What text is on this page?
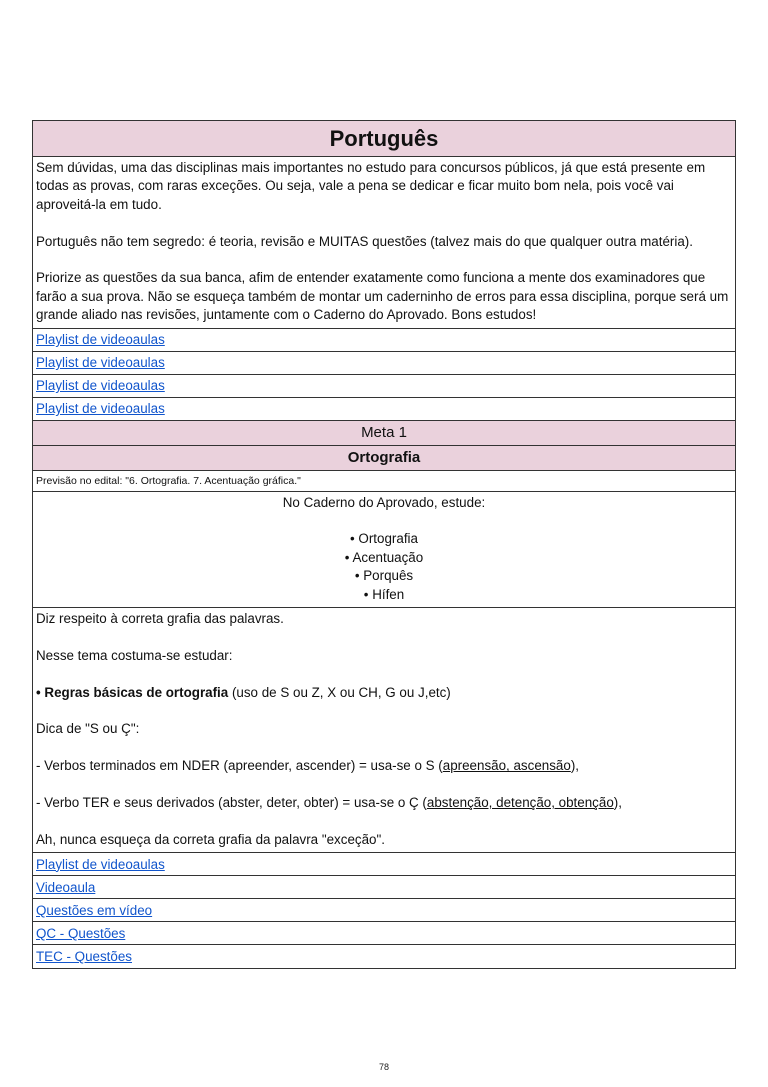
Português

Sem dúvidas, uma das disciplinas mais importantes no estudo para concursos públicos, já que está presente em todas as provas, com raras exceções. Ou seja, vale a pena se dedicar e ficar muito bom nela, pois você vai aproveitá-la em tudo.

Português não tem segredo: é teoria, revisão e MUITAS questões (talvez mais do que qualquer outra matéria).

Priorize as questões da sua banca, afim de entender exatamente como funciona a mente dos examinadores que farão a sua prova. Não se esqueça também de montar um caderninho de erros para essa disciplina, porque será um grande aliado nas revisões, juntamente com o Caderno do Aprovado. Bons estudos!

Playlist de videoaulas
Playlist de videoaulas
Playlist de videoaulas
Playlist de videoaulas
Meta 1
Ortografia
Previsão no edital: "6. Ortografia. 7. Acentuação gráfica."
No Caderno do Aprovado, estude:
• Ortografia
• Acentuação
• Porquês
• Hífen

Diz respeito à correta grafia das palavras.

Nesse tema costuma-se estudar:

• Regras básicas de ortografia (uso de S ou Z, X ou CH, G ou J,etc)

Dica de "S ou Ç":

- Verbos terminados em NDER (apreender, ascender) = usa-se o S (apreensão, ascensão),

- Verbo TER e seus derivados (abster, deter, obter) = usa-se o Ç (abstenção, detenção, obtenção),

Ah, nunca esqueça da correta grafia da palavra "exceção".

Playlist de videoaulas
Videoaula
Questões em vídeo
QC - Questões
TEC - Questões
78
